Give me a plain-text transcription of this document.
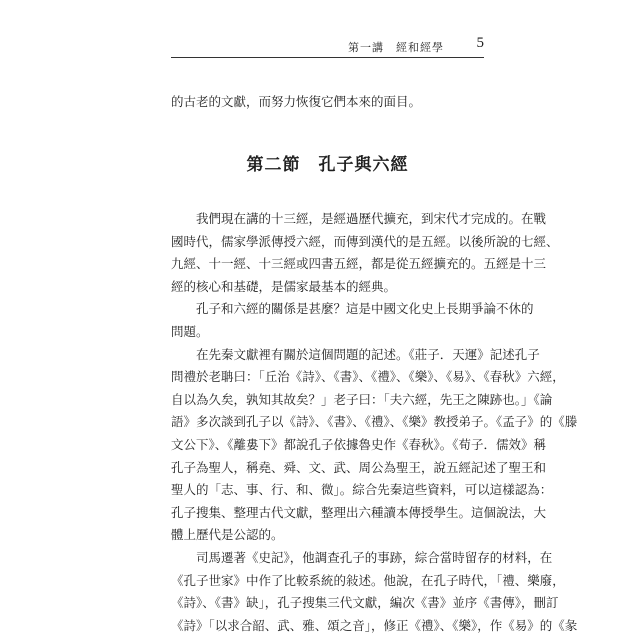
第一講　經和經學 5

的古老的文獻，而努力恢復它們本來的面目。

第二節 孔子與六經
我們現在講的十三經，是經過歷代擴充，到宋代才完成的。在戰
國時代，儒家學派傳授六經，而傳到漢代的是五經。以後所說的七經、
九經、十一經、十三經或四書五經，都是從五經擴充的。五經是十三
經的核心和基礎，是儒家最基本的經典。
孔子和六經的關係是甚麼？這是中國文化史上長期爭論不休的
問題。
在先秦文獻裡有關於這個問題的記述。《莊子．天運》記述孔子
問禮於老聃曰：「丘治《詩》、《書》、《禮》、《樂》、《易》、《春秋》六經，
自以為久矣，孰知其故矣？」老子曰：「夫六經，先王之陳跡也。」《論
語》多次談到孔子以《詩》、《書》、《禮》、《樂》教授弟子。《孟子》的《滕
文公下》、《離婁下》都說孔子依據魯史作《春秋》。《荀子．儒效》稱
孔子為聖人，稱堯、舜、文、武、周公為聖王，說五經記述了聖王和
聖人的「志、事、行、和、微」。綜合先秦這些資料，可以這樣認為：
孔子搜集、整理古代文獻，整理出六種讀本傳授學生。這個說法，大
體上歷代是公認的。
司馬遷著《史記》，他調查孔子的事跡，綜合當時留存的材料，在
《孔子世家》中作了比較系統的敍述。他說，在孔子時代，「禮、樂廢，
《詩》、《書》缺」，孔子搜集三代文獻，編次《書》並序《書傳》，刪訂
《詩》「以求合韶、武、雅、頌之音」，修正《禮》、《樂》，作《易》的《彖
